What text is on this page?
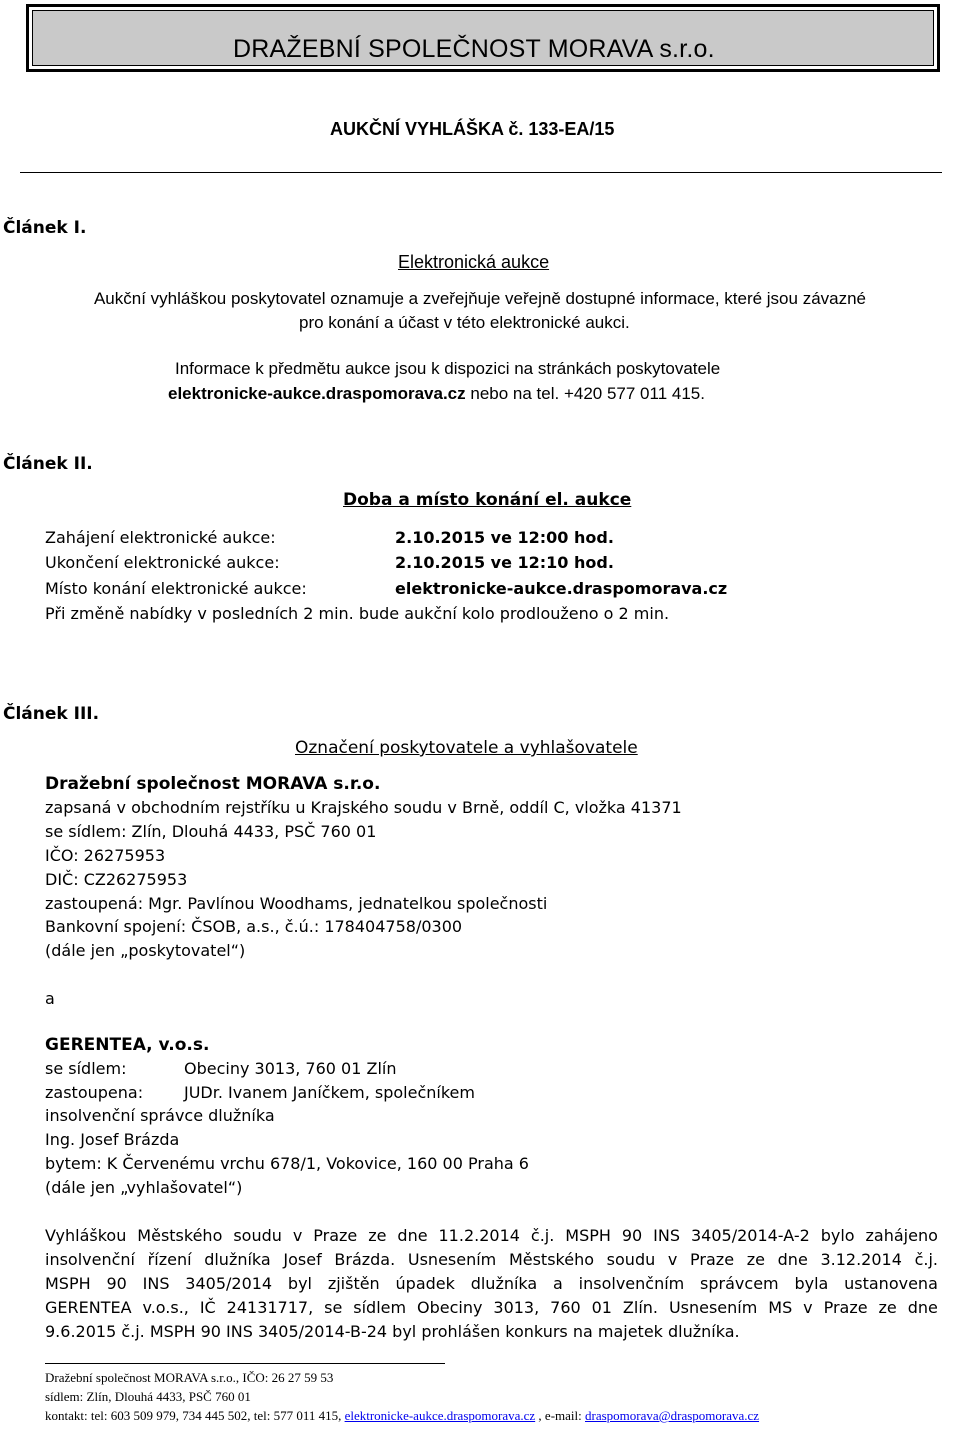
DRAŽEBNÍ SPOLEČNOST MORAVA s.r.o.
AUKČNÍ VYHLÁŠKA č. 133-EA/15
Článek I.
Elektronická aukce
Aukční vyhláškou poskytovatel oznamuje a zveřejňuje veřejně dostupné informace, které jsou závazné
pro konání a účast v této elektronické aukci.
Informace k předmětu aukce jsou k dispozici na stránkách poskytovatele
elektronicke-aukce.draspomorava.cz nebo na tel. +420 577 011 415.
Článek II.
Doba a místo konání el. aukce
Zahájení elektronické aukce:	2.10.2015 ve 12:00 hod.
Ukončení elektronické aukce:	2.10.2015 ve 12:10 hod.
Místo konání elektronické aukce:	elektronicke-aukce.draspomorava.cz
Při změně nabídky v posledních 2 min. bude aukční kolo prodlouženo o 2 min.
Článek III.
Označení poskytovatele a vyhlašovatele
Dražební společnost MORAVA s.r.o.
zapsaná v obchodním rejstříku u Krajského soudu v Brně, oddíl C, vložka 41371
se sídlem: Zlín, Dlouhá 4433, PSČ 760 01
IČO: 26275953
DIČ: CZ26275953
zastoupená: Mgr. Pavlínou Woodhams, jednatelkou společnosti
Bankovní spojení: ČSOB, a.s., č.ú.: 178404758/0300
(dále jen „poskytovatel“)
a
GERENTEA, v.o.s.
se sídlem:	Obeciny 3013, 760 01 Zlín
zastoupena:	JUDr. Ivanem Janíčkem, společníkem
insolvenční správce dlužníka
Ing. Josef Brázda
bytem: K Červenému vrchu 678/1, Vokovice, 160 00 Praha 6
(dále jen „vyhlašovatel“)
Vyhláškou Městského soudu v Praze ze dne 11.2.2014 č.j. MSPH 90 INS 3405/2014-A-2 bylo zahájeno
insolvenční řízení dlužníka Josef Brázda. Usnesením Městského soudu v Praze ze dne 3.12.2014 č.j.
MSPH 90 INS 3405/2014 byl zjištěn úpadek dlužníka a insolvenčním správcem byla ustanovena
GERENTEA v.o.s., IČ 24131717, se sídlem Obeciny 3013, 760 01 Zlín. Usnesením MS v Praze ze dne
9.6.2015 č.j. MSPH 90 INS 3405/2014-B-24 byl prohlášen konkurs na majetek dlužníka.
Dražební společnost MORAVA s.r.o., IČO: 26 27 59 53
sídlem: Zlín, Dlouhá 4433, PSČ 760 01
kontakt: tel: 603 509 979, 734 445 502, tel: 577 011 415, elektronicke-aukce.draspomorava.cz , e-mail: draspomorava@draspomorava.cz
